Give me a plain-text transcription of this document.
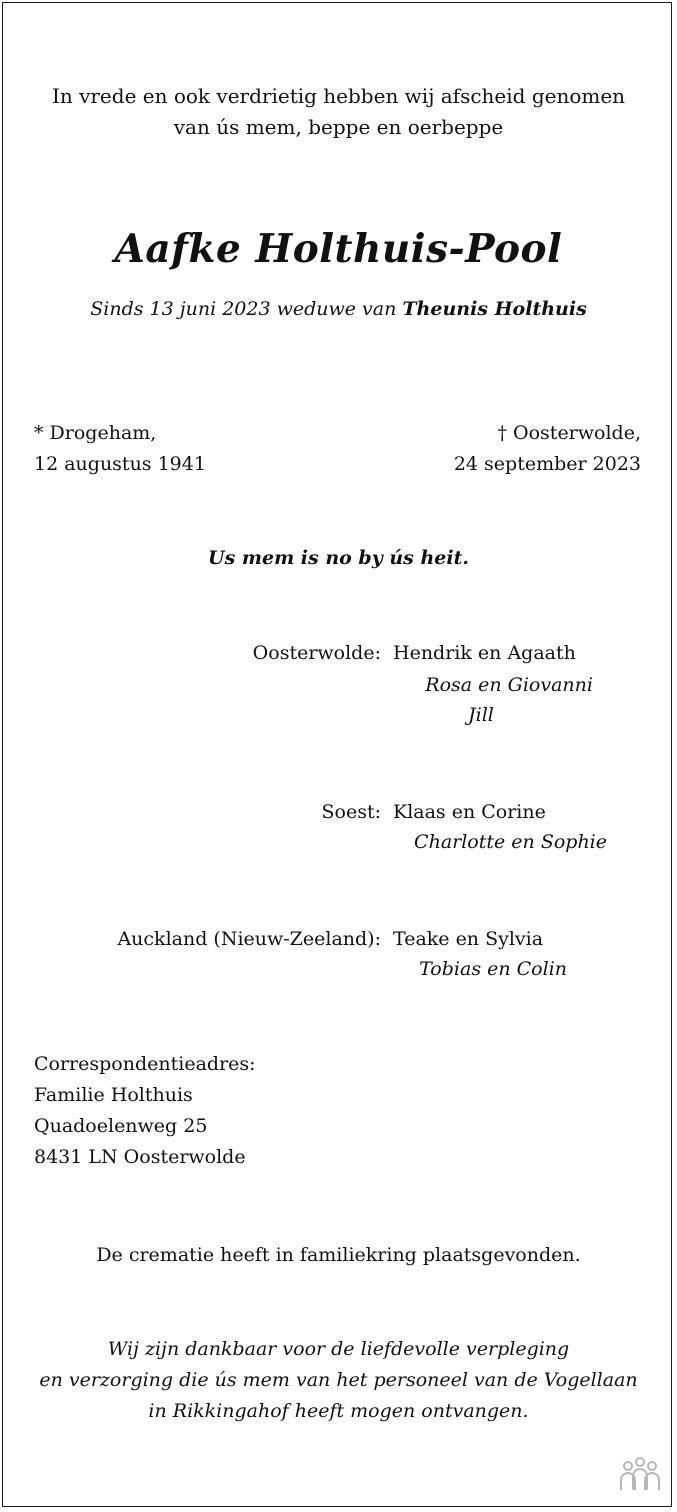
In vrede en ook verdrietig hebben wij afscheid genomen
van ús mem, beppe en oerbeppe
Aafke Holthuis-Pool
Sinds 13 juni 2023 weduwe van Theunis Holthuis
* Drogeham,
12 augustus 1941
† Oosterwolde,
24 september 2023
Us mem is no by ús heit.
Oosterwolde: Hendrik en Agaath
Rosa en Giovanni
Jill
Soest: Klaas en Corine
Charlotte en Sophie
Auckland (Nieuw-Zeeland): Teake en Sylvia
Tobias en Colin
Correspondentieadres:
Familie Holthuis
Quadoelenweg 25
8431 LN Oosterwolde
De crematie heeft in familiekring plaatsgevonden.
Wij zijn dankbaar voor de liefdevolle verpleging
en verzorging die ús mem van het personeel van de Vogellaan
in Rikkingahof heeft mogen ontvangen.
